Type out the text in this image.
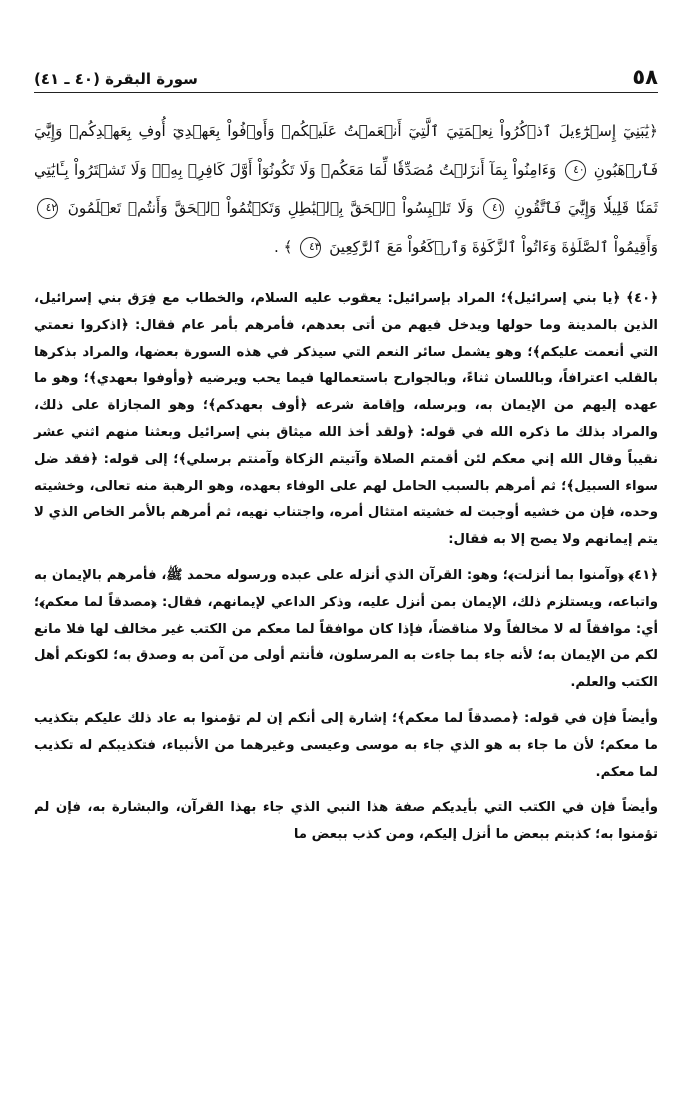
٥٨
سورة البقرة (٤٠ ـ ٤١)
﴿يَٰبَنِيٓ إِسۡرَٰٓءِيلَ ٱذۡكُرُواْ نِعۡمَتِيَ ٱلَّتِيٓ أَنۡعَمۡتُ عَلَيۡكُمۡ وَأَوۡفُواْ بِعَهۡدِيٓ أُوفِ بِعَهۡدِكُمۡ وَإِيَّٰيَ فَٱرۡهَبُونِ ٤٠ وَءَامِنُواْ بِمَآ أَنزَلۡتُ مُصَدِّقٗا لِّمَا مَعَكُمۡ وَلَا تَكُونُوٓاْ أَوَّلَ كَافِرِۭ بِهِۦۖ وَلَا تَشۡتَرُواْ بِـَٔايَٰتِي ثَمَنٗا قَلِيلٗا وَإِيَّٰيَ فَٱتَّقُونِ ٤١ وَلَا تَلۡبِسُواْ ٱلۡحَقَّ بِٱلۡبَٰطِلِ وَتَكۡتُمُواْ ٱلۡحَقَّ وَأَنتُمۡ تَعۡلَمُونَ ٤٢ وَأَقِيمُواْ ٱلصَّلَوٰةَ وَءَاتُواْ ٱلزَّكَوٰةَ وَٱرۡكَعُواْ مَعَ ٱلرَّٰكِعِينَ ٤٣ ﴾ .

﴿٤٠﴾ ﴿يا بني إسرائيل﴾؛ المراد بإسرائيل: يعقوب عليه السلام، والخطاب مع فِرَق بني إسرائيل، الذين بالمدينة وما حولها ويدخل فيهم من أتى بعدهم، فأمرهم بأمر عام فقال: ﴿اذكروا نعمتي التي أنعمت عليكم﴾؛ وهو يشمل سائر النعم التي سيذكر في هذه السورة بعضها، والمراد بذكرها بالقلب اعترافاً، وباللسان ثناءً، وبالجوارح باستعمالها فيما يحب ويرضيه ﴿وأوفوا بعهدي﴾؛ وهو ما عهده إليهم من الإيمان به، وبرسله، وإقامة شرعه ﴿أوف بعهدكم﴾؛ وهو المجازاة على ذلك، والمراد بذلك ما ذكره الله في قوله: ﴿ولقد أخذ الله ميثاق بني إسرائيل وبعثنا منهم اثني عشر نقيباً وقال الله إني معكم لئن أقمتم الصلاة وآتيتم الزكاة وآمنتم برسلي﴾؛ إلى قوله: ﴿فقد ضل سواء السبيل﴾؛ ثم أمرهم بالسبب الحامل لهم على الوفاء بعهده، وهو الرهبة منه تعالى، وخشيته وحده، فإن من خشيه أوجبت له خشيته امتثال أمره، واجتناب نهيه، ثم أمرهم بالأمر الخاص الذي لا يتم إيمانهم ولا يصح إلا به فقال:

﴿٤١﴾ ﴿وآمنوا بما أنزلت﴾؛ وهو: القرآن الذي أنزله على عبده ورسوله محمد ﷺ، فأمرهم بالإيمان به واتباعه، ويستلزم ذلك، الإيمان بمن أنزل عليه، وذكر الداعي لإيمانهم، فقال: ﴿مصدقاً لما معكم﴾؛ أي: موافقاً له لا مخالفاً ولا مناقضاً، فإذا كان موافقاً لما معكم من الكتب غير مخالف لها فلا مانع لكم من الإيمان به؛ لأنه جاء بما جاءت به المرسلون، فأنتم أولى من آمن به وصدق به؛ لكونكم أهل الكتب والعلم.

وأيضاً فإن في قوله: ﴿مصدقاً لما معكم﴾؛ إشارة إلى أنكم إن لم تؤمنوا به عاد ذلك عليكم بتكذيب ما معكم؛ لأن ما جاء به هو الذي جاء به موسى وعيسى وغيرهما من الأنبياء، فتكذيبكم له تكذيب لما معكم.

وأيضاً فإن في الكتب التي بأيديكم صفة هذا النبي الذي جاء بهذا القرآن، والبشارة به، فإن لم تؤمنوا به؛ كذبتم ببعض ما أنزل إليكم، ومن كذب ببعض ما
